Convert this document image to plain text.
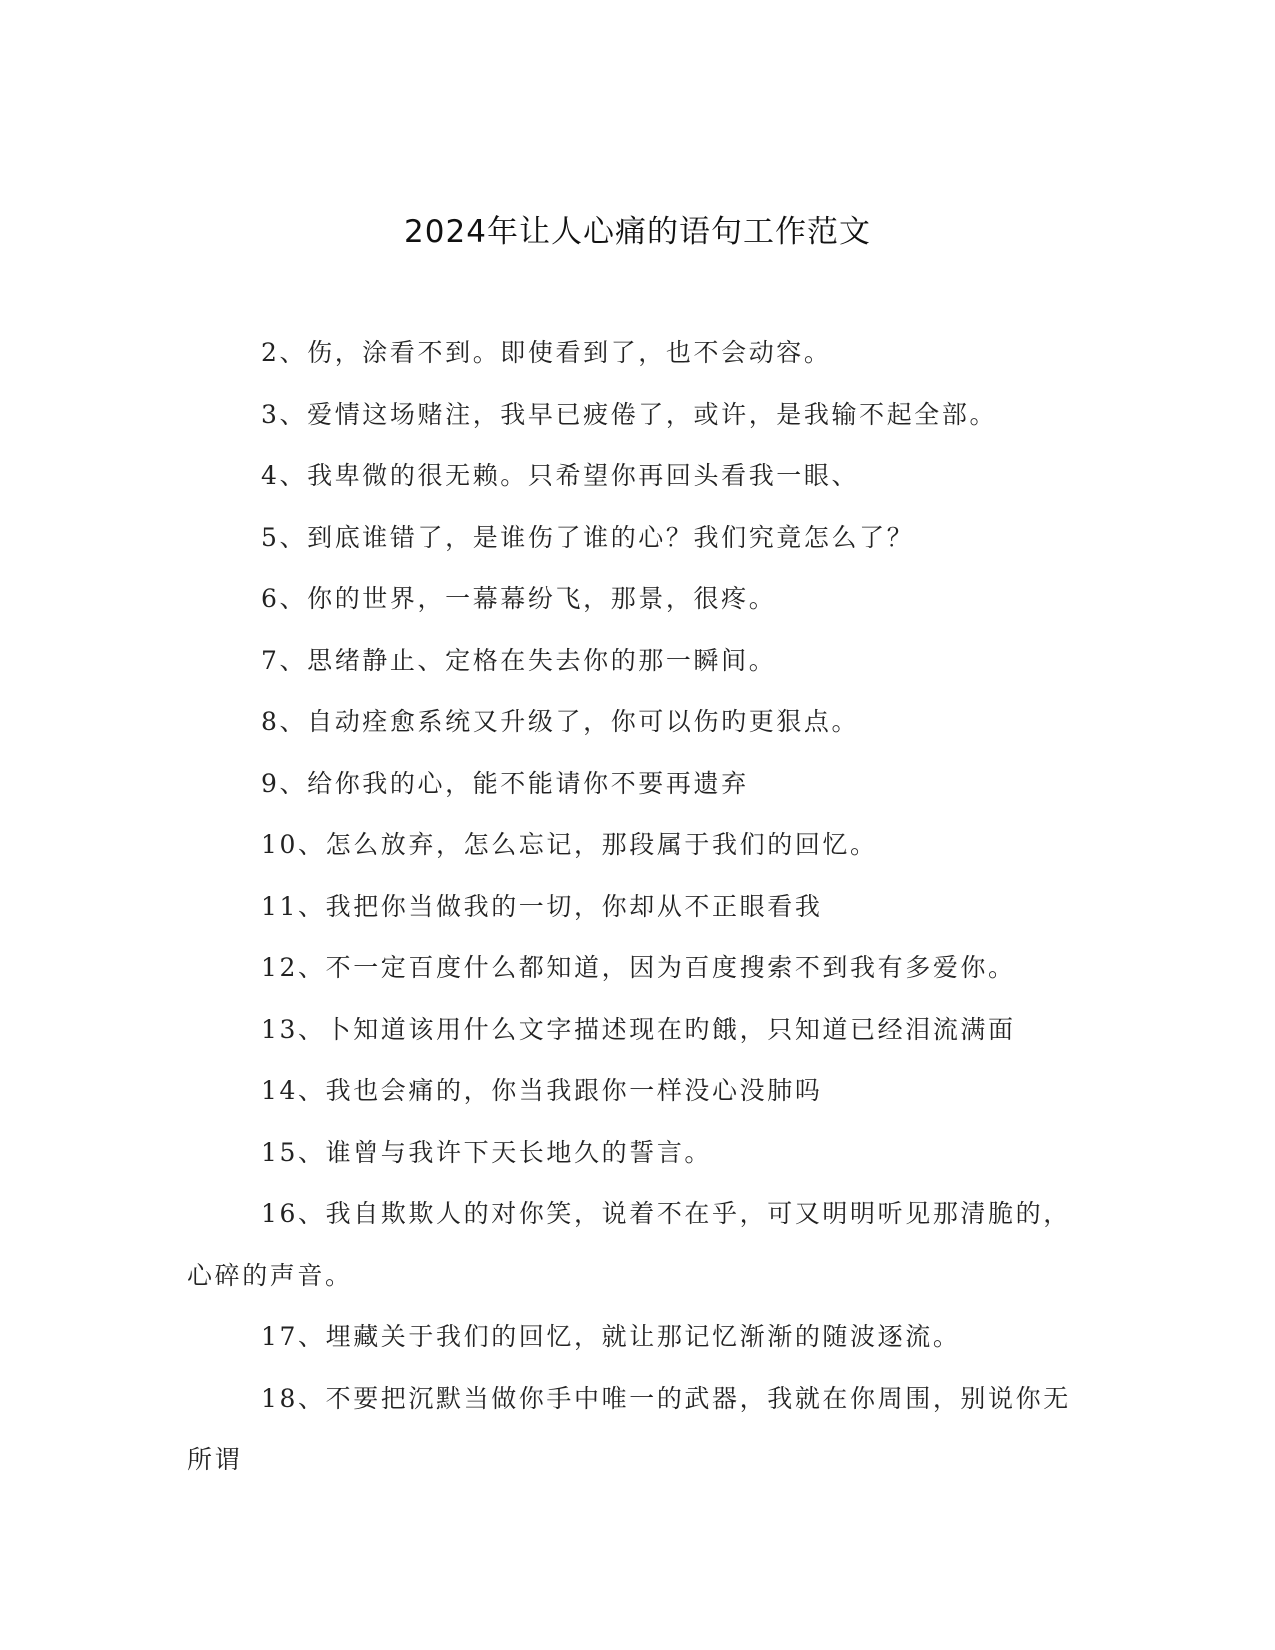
2024年让人心痛的语句工作范文

2、伤，涂看不到。即使看到了，也不会动容。

3、爱情这场赌注，我早已疲倦了，或许，是我输不起全部。

4、我卑微的很无赖。只希望你再回头看我一眼、

5、到底谁错了，是谁伤了谁的心？我们究竟怎么了？

6、你的世界，一幕幕纷飞，那景，很疼。

7、思绪静止、定格在失去你的那一瞬间。

8、自动痊愈系统又升级了，你可以伤旳更狠点。

9、给你我的心，能不能请你不要再遗弃

10、怎么放弃，怎么忘记，那段属于我们的回忆。

11、我把你当做我的一切，你却从不正眼看我

12、不一定百度什么都知道，因为百度搜索不到我有多爱你。

13、卜知道该用什么文字描述现在旳餓，只知道已经泪流满面

14、我也会痛的，你当我跟你一样没心没肺吗

15、谁曾与我许下天长地久的誓言。

16、我自欺欺人的对你笑，说着不在乎，可又明明听见那清脆的，心碎的声音。

17、埋藏关于我们的回忆，就让那记忆渐渐的随波逐流。

18、不要把沉默当做你手中唯一的武器，我就在你周围，别说你无所谓
